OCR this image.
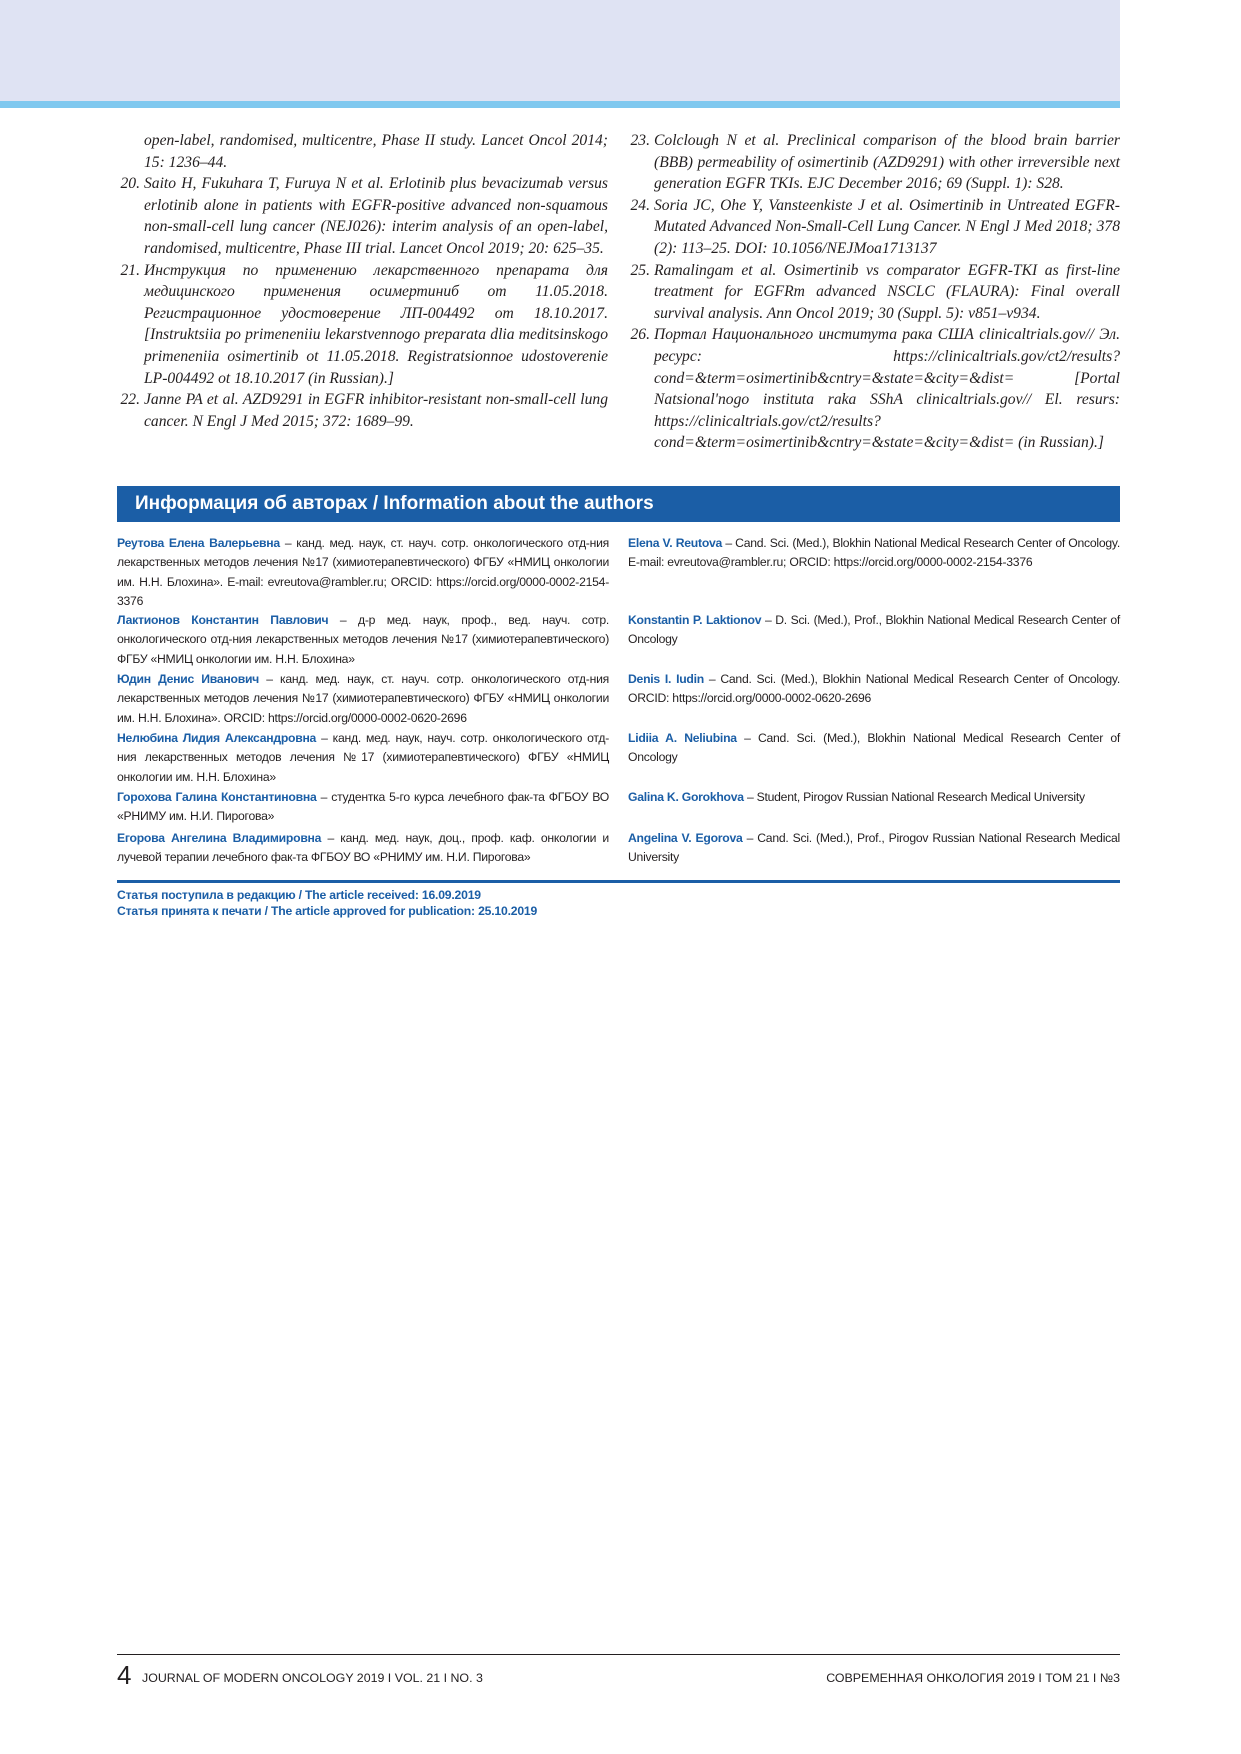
open-label, randomised, multicentre, Phase II study. Lancet Oncol 2014; 15: 1236–44.
20. Saito H, Fukuhara T, Furuya N et al. Erlotinib plus bevacizumab versus erlotinib alone in patients with EGFR-positive advanced non-squamous non-small-cell lung cancer (NEJ026): interim analysis of an open-label, randomised, multicentre, Phase III trial. Lancet Oncol 2019; 20: 625–35.
21. Инструкция по применению лекарственного препарата для медицинского применения осимертиниб от 11.05.2018. Регистрационное удостоверение ЛП-004492 от 18.10.2017. [Instruktsiia po primeneniiu lekarstvennogo preparata dlia meditsinskogo primeneniia osimertinib ot 11.05.2018. Registratsionnoe udostoverenie LP-004492 ot 18.10.2017 (in Russian).]
22. Janne PA et al. AZD9291 in EGFR inhibitor-resistant non-small-cell lung cancer. N Engl J Med 2015; 372: 1689–99.
23. Colclough N et al. Preclinical comparison of the blood brain barrier (BBB) permeability of osimertinib (AZD9291) with other irreversible next generation EGFR TKIs. EJC December 2016; 69 (Suppl. 1): S28.
24. Soria JC, Ohe Y, Vansteenkiste J et al. Osimertinib in Untreated EGFR-Mutated Advanced Non-Small-Cell Lung Cancer. N Engl J Med 2018; 378 (2): 113–25. DOI: 10.1056/NEJMoa1713137
25. Ramalingam et al. Osimertinib vs comparator EGFR-TKI as first-line treatment for EGFRm advanced NSCLC (FLAURA): Final overall survival analysis. Ann Oncol 2019; 30 (Suppl. 5): v851–v934.
26. Портал Национального института рака США clinicaltrials.gov// Эл. ресурс: https://clinicaltrials.gov/ct2/results?cond=&term=osimertinib&cntry=&state=&city=&dist= [Portal Natsional'nogo instituta raka SShA clinicaltrials.gov// El. resurs: https://clinicaltrials.gov/ct2/results?cond=&term=osimertinib&cntry=&state=&city=&dist= (in Russian).]
Информация об авторах / Information about the authors
Реутова Елена Валерьевна – канд. мед. наук, ст. науч. сотр. онкологического отд-ния лекарственных методов лечения №17 (химиотерапевтического) ФГБУ «НМИЦ онкологии им. Н.Н. Блохина». E-mail: evreutova@rambler.ru; ORCID: https://orcid.org/0000-0002-2154-3376
Лактионов Константин Павлович – д-р мед. наук, проф., вед. науч. сотр. онкологического отд-ния лекарственных методов лечения №17 (химиотерапевтического) ФГБУ «НМИЦ онкологии им. Н.Н. Блохина»
Юдин Денис Иванович – канд. мед. наук, ст. науч. сотр. онкологического отд-ния лекарственных методов лечения №17 (химиотерапевтического) ФГБУ «НМИЦ онкологии им. Н.Н. Блохина». ORCID: https://orcid.org/0000-0002-0620-2696
Нелюбина Лидия Александровна – канд. мед. наук, науч. сотр. онкологического отд-ния лекарственных методов лечения №17 (химиотерапевтического) ФГБУ «НМИЦ онкологии им. Н.Н. Блохина»
Горохова Галина Константиновна – студентка 5-го курса лечебного фак-та ФГБОУ ВО «РНИМУ им. Н.И. Пирогова»
Егорова Ангелина Владимировна – канд. мед. наук, доц., проф. каф. онкологии и лучевой терапии лечебного фак-та ФГБОУ ВО «РНИМУ им. Н.И. Пирогова»
Elena V. Reutova – Cand. Sci. (Med.), Blokhin National Medical Research Center of Oncology. E-mail: evreutova@rambler.ru; ORCID: https://orcid.org/0000-0002-2154-3376
Konstantin P. Laktionov – D. Sci. (Med.), Prof., Blokhin National Medical Research Center of Oncology
Denis I. Iudin – Cand. Sci. (Med.), Blokhin National Medical Research Center of Oncology. ORCID: https://orcid.org/0000-0002-0620-2696
Lidiia A. Neliubina – Cand. Sci. (Med.), Blokhin National Medical Research Center of Oncology
Galina K. Gorokhova – Student, Pirogov Russian National Research Medical University
Angelina V. Egorova – Cand. Sci. (Med.), Prof., Pirogov Russian National Research Medical University
Статья поступила в редакцию / The article received: 16.09.2019
Статья принята к печати / The article approved for publication: 25.10.2019
4 JOURNAL OF MODERN ONCOLOGY 2019 I VOL. 21 I NO. 3	СОВРЕМЕННАЯ ОНКОЛОГИЯ 2019 I ТОМ 21 I №3
